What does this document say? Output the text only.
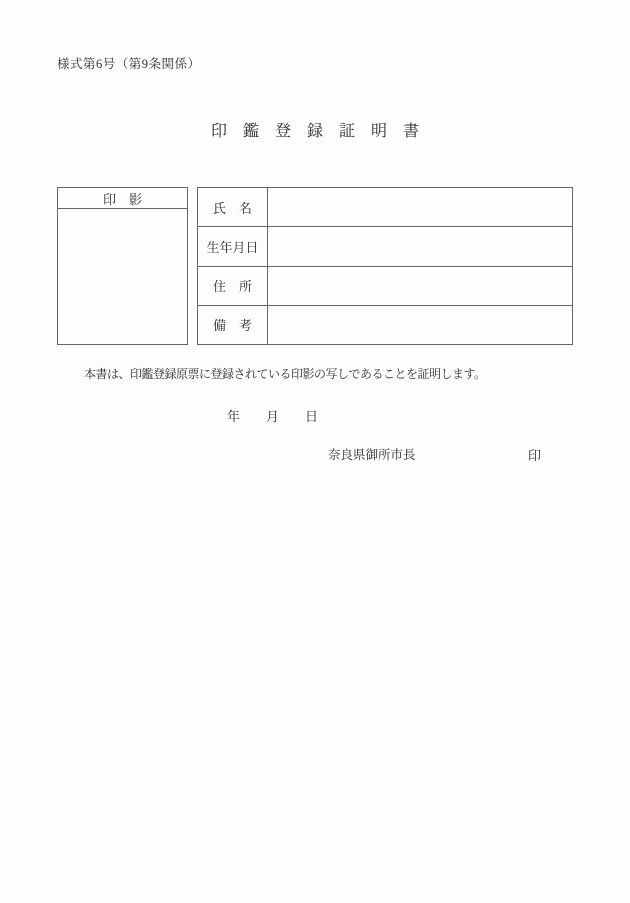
様式第6号（第9条関係）
印　鑑　登　録　証　明　書
印　影
氏　名
生年月日
住　所
備　考
本書は、印鑑登録原票に登録されている印影の写しであることを証明します。
年　　月　　日
奈良県御所市長	印
